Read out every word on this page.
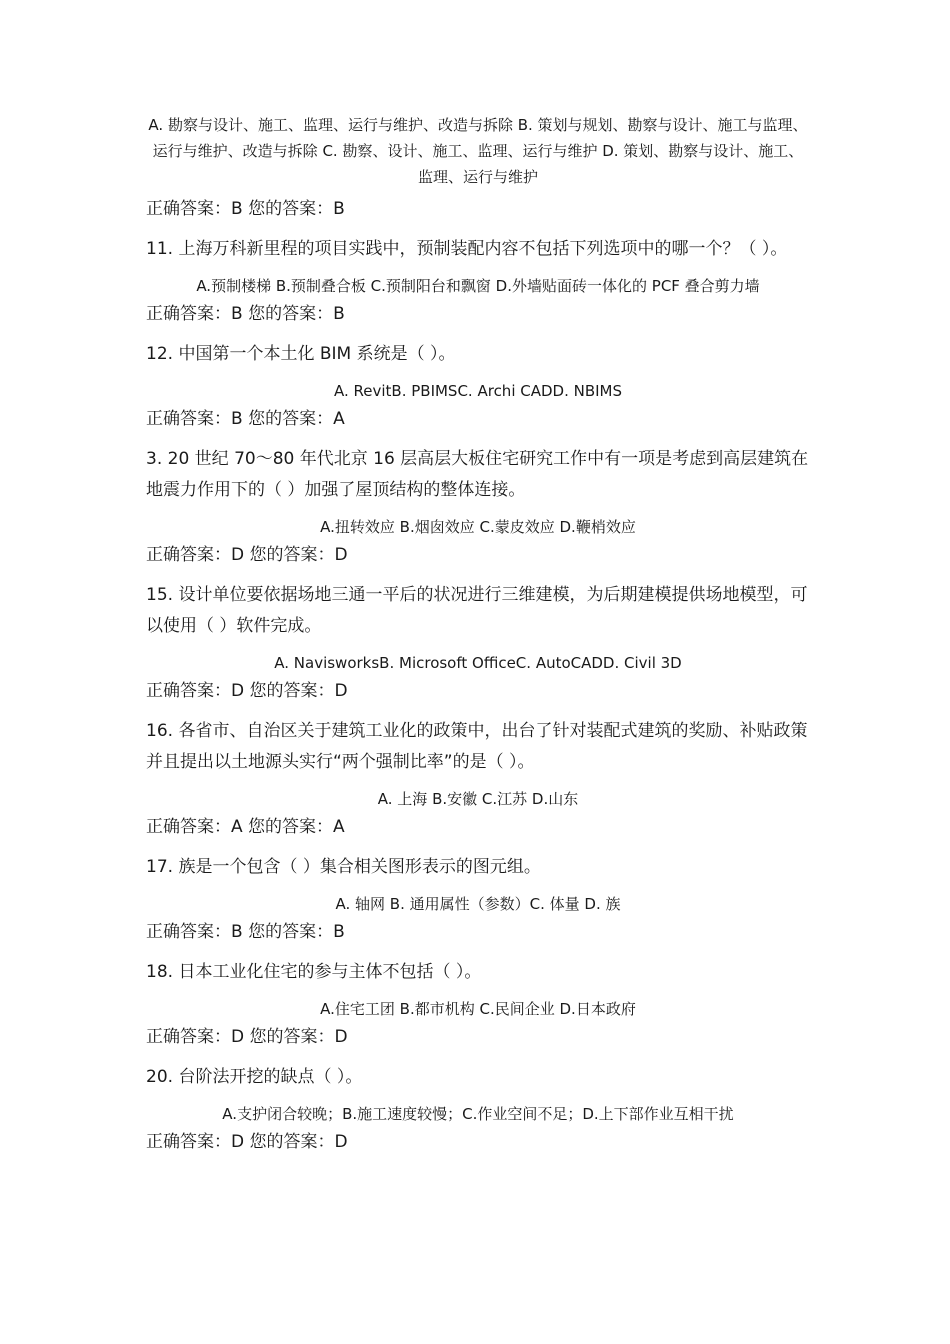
A. 勘察与设计、施工、监理、运行与维护、改造与拆除 B. 策划与规划、勘察与设计、施工与监理、运行与维护、改造与拆除 C. 勘察、设计、施工、监理、运行与维护 D. 策划、勘察与设计、施工、监理、运行与维护

正确答案：B 您的答案：B

11. 上海万科新里程的项目实践中，预制装配内容不包括下列选项中的哪一个？（ ）。

A.预制楼梯 B.预制叠合板 C.预制阳台和飘窗 D.外墙贴面砖一体化的 PCF 叠合剪力墙

正确答案：B 您的答案：B

12. 中国第一个本土化 BIM 系统是（ ）。

A. RevitB. PBIMSC. Archi CADD. NBIMS

正确答案：B 您的答案：A

3. 20 世纪 70～80 年代北京 16 层高层大板住宅研究工作中有一项是考虑到高层建筑在地震力作用下的（ ）加强了屋顶结构的整体连接。

A.扭转效应 B.烟囱效应 C.蒙皮效应 D.鞭梢效应

正确答案：D 您的答案：D

15. 设计单位要依据场地三通一平后的状况进行三维建模，为后期建模提供场地模型，可以使用（ ）软件完成。

A. NavisworksB. Microsoft OfficeC. AutoCADD. Civil 3D

正确答案：D 您的答案：D

16. 各省市、自治区关于建筑工业化的政策中，出台了针对装配式建筑的奖励、补贴政策并且提出以土地源头实行“两个强制比率”的是（ ）。

A. 上海 B.安徽 C.江苏 D.山东

正确答案：A 您的答案：A

17. 族是一个包含（ ）集合相关图形表示的图元组。

A. 轴网 B. 通用属性（参数）C. 体量 D. 族

正确答案：B 您的答案：B

18. 日本工业化住宅的参与主体不包括（ ）。

A.住宅工团 B.都市机构 C.民间企业 D.日本政府

正确答案：D 您的答案：D

20. 台阶法开挖的缺点（ ）。

A.支护闭合较晚；B.施工速度较慢；C.作业空间不足；D.上下部作业互相干扰

正确答案：D 您的答案：D
